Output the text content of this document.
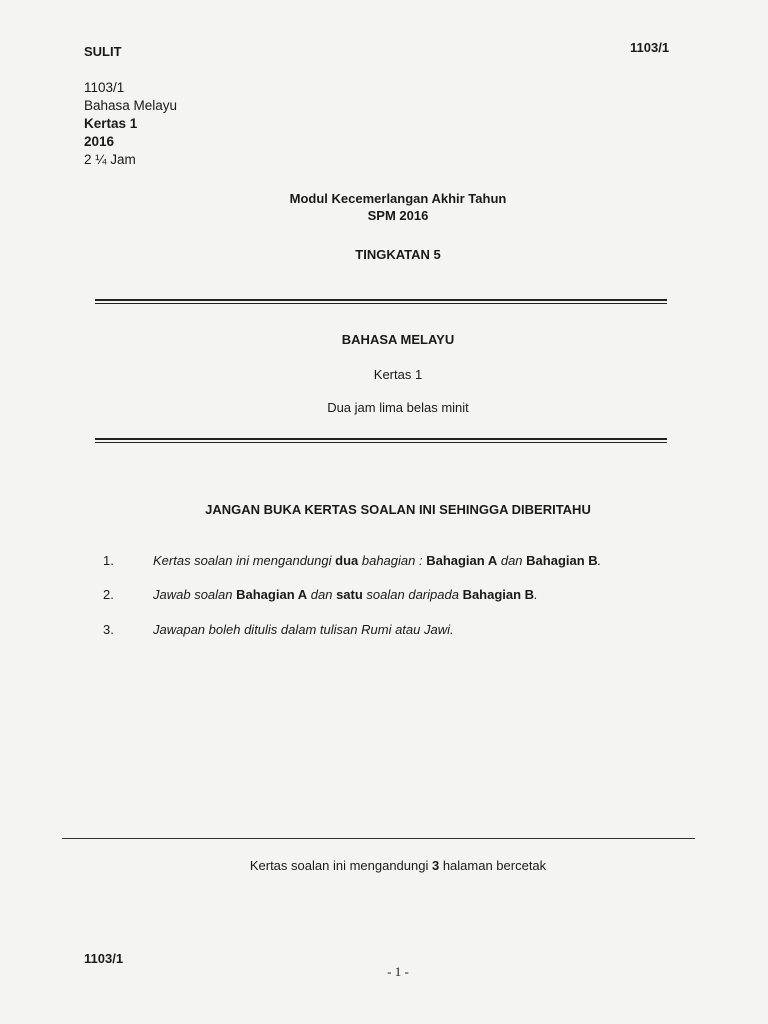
SULIT	1103/1
1103/1
Bahasa Melayu
Kertas 1
2016
2 ¼ Jam
Modul Kecemerlangan Akhir Tahun
SPM 2016
TINGKATAN 5
BAHASA MELAYU
Kertas 1
Dua jam lima belas minit
JANGAN BUKA KERTAS SOALAN INI SEHINGGA DIBERITAHU
1.	Kertas soalan ini mengandungi dua bahagian : Bahagian A dan Bahagian B.
2.	Jawab soalan Bahagian A dan satu soalan daripada Bahagian B.
3.	Jawapan boleh ditulis dalam tulisan Rumi atau Jawi.
Kertas soalan ini mengandungi 3 halaman bercetak
1103/1
- 1 -
